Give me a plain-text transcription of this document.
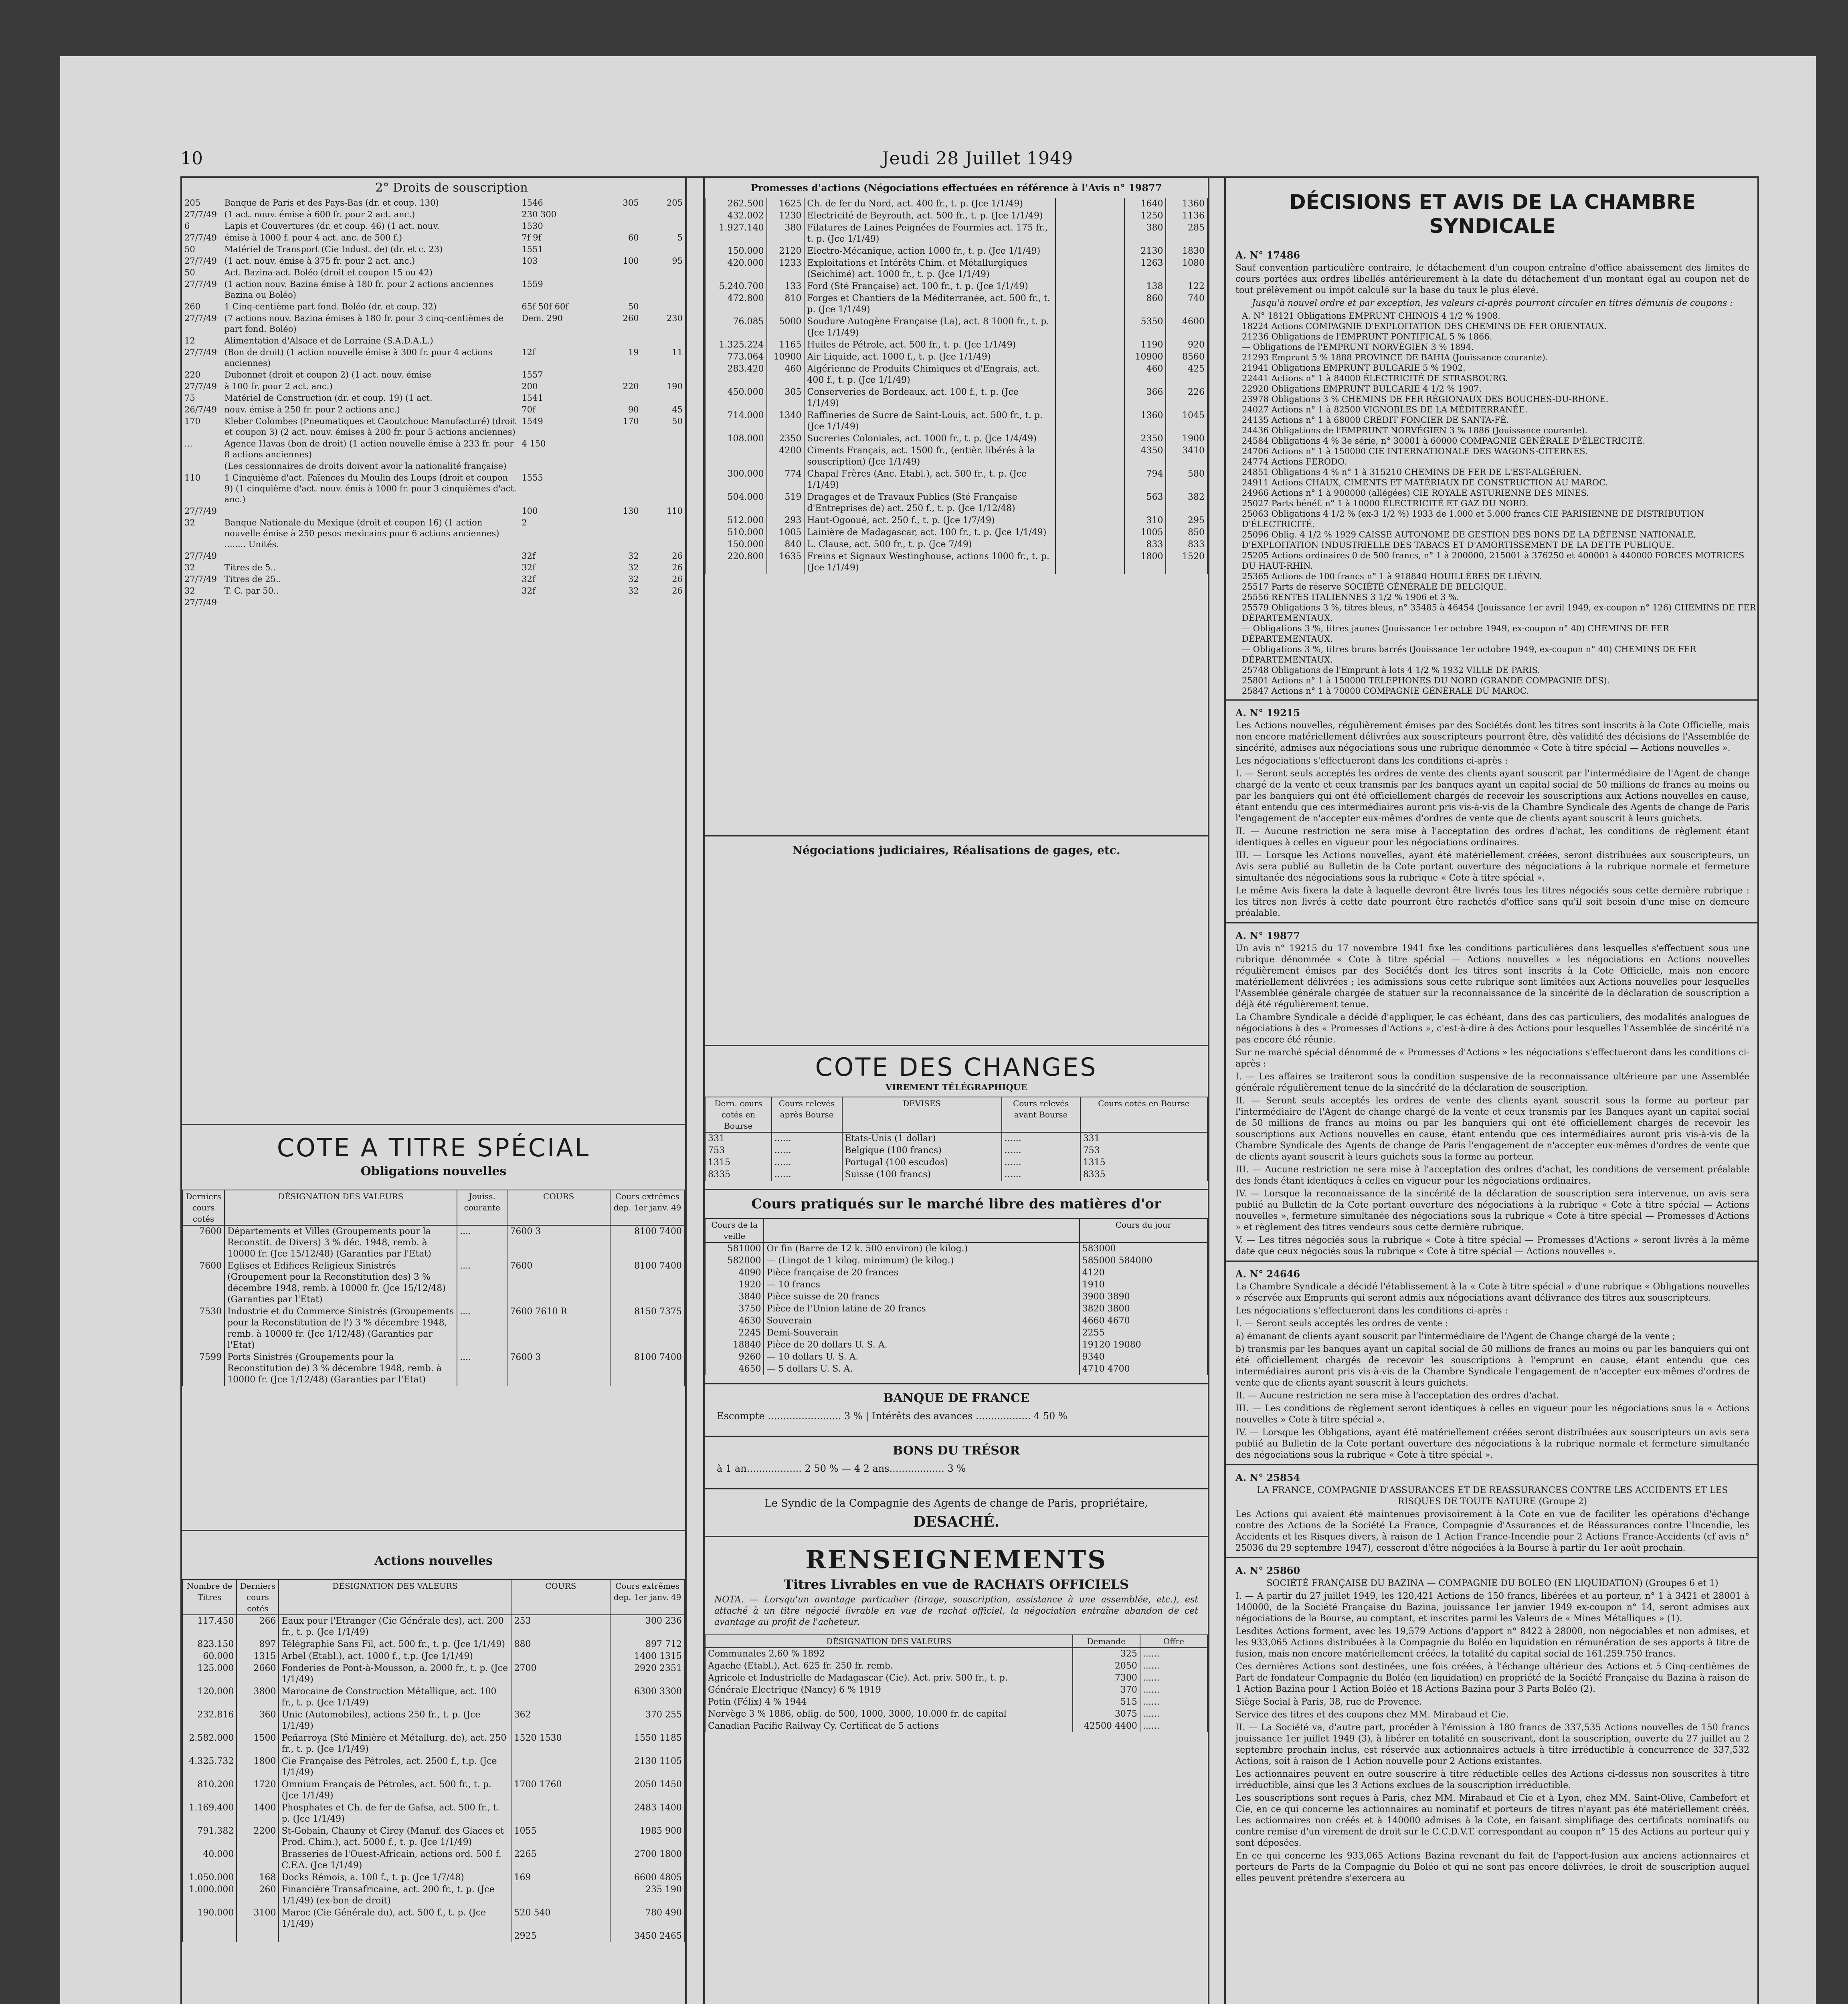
10	Jeudi 28 Juillet 1949
2° Droits de souscription
205	Banque de Paris et des Pays-Bas (dr. et coup. 130)	1546	305	205
27/7/49	(1 act. nouv. émise à 600 fr. pour 2 act. anc.)	230 300		
6	Lapis et Couvertures (dr. et coup. 46) (1 act. nouv.	1530		
27/7/49	émise à 1000 f. pour 4 act. anc. de 500 f.)	7f 9f	60	5
50	Matériel de Transport (Cie Indust. de) (dr. et c. 23)	1551		
27/7/49	(1 act. nouv. émise à 375 fr. pour 2 act. anc.)	103	100	95
50	Act. Bazina-act. Boléo (droit et coupon 15 ou 42)			
27/7/49	(1 action nouv. Bazina émise à 180 fr. pour 2 actions anciennes Bazina ou Boléo)	1559		
260	1 Cinq-centième part fond. Boléo (dr. et coup. 32)	65f 50f 60f	50	
27/7/49	(7 actions nouv. Bazina émises à 180 fr. pour 3 cinq-centièmes de part fond. Boléo)	Dem. 290	260	230
12	Alimentation d'Alsace et de Lorraine (S.A.D.A.L.)			
27/7/49	(Bon de droit) (1 action nouvelle émise à 300 fr. pour 4 actions anciennes)	12f	19	11
220	Dubonnet (droit et coupon 2) (1 act. nouv. émise	1557		
27/7/49	à 100 fr. pour 2 act. anc.)	200	220	190
75	Matériel de Construction (dr. et coup. 19) (1 act.	1541		
26/7/49	nouv. émise à 250 fr. pour 2 actions anc.)	70f	90	45
170	Kleber Colombes (Pneumatiques et Caoutchouc Manufacturé) (droit et coupon 3) (2 act. nouv. émises à 200 fr. pour 5 actions anciennes)	1549	170	50
...	Agence Havas (bon de droit) (1 action nouvelle émise à 233 fr. pour 8 actions anciennes)	4 150		
	(Les cessionnaires de droits doivent avoir la nationalité française)			
110	1 Cinquième d'act. Faïences du Moulin des Loups (droit et coupon 9) (1 cinquième d'act. nouv. émis à 1000 fr. pour 3 cinquièmes d'act. anc.)	1555		
27/7/49		100	130	110
32	Banque Nationale du Mexique (droit et coupon 16) (1 action nouvelle émise à 250 pesos mexicains pour 6 actions anciennes) ........ Unités.	2		
27/7/49		32f	32	26
32	Titres de 5..	32f	32	26
27/7/49	Titres de 25..	32f	32	26
32	T. C. par 50..	32f	32	26
27/7/49				
COTE A TITRE SPÉCIAL
Obligations nouvelles
Derniers cours cotés	DÉSIGNATION DES VALEURS	Jouiss. courante	COURS	Cours extrêmes dep. 1er janv. 49
7600	Départements et Villes (Groupements pour la Reconstit. de Divers) 3 % déc. 1948, remb. à 10000 fr. (Jce 15/12/48) (Garanties par l'Etat)	....	7600 3	8100 7400
7600	Eglises et Edifices Religieux Sinistrés (Groupement pour la Reconstitution des) 3 % décembre 1948, remb. à 10000 fr. (Jce 15/12/48) (Garanties par l'Etat)	....	7600	8100 7400
7530	Industrie et du Commerce Sinistrés (Groupements pour la Reconstitution de l') 3 % décembre 1948, remb. à 10000 fr. (Jce 1/12/48) (Garanties par l'Etat)	....	7600 7610 R	8150 7375
7599	Ports Sinistrés (Groupements pour la Reconstitution de) 3 % décembre 1948, remb. à 10000 fr. (Jce 1/12/48) (Garanties par l'Etat)	....	7600 3	8100 7400
Actions nouvelles
Nombre de Titres	Derniers cours cotés	DÉSIGNATION DES VALEURS	COURS	Cours extrêmes dep. 1er janv. 49
117.450	266	Eaux pour l'Etranger (Cie Générale des), act. 200 fr., t. p. (Jce 1/1/49)	253	300 236
823.150	897	Télégraphie Sans Fil, act. 500 fr., t. p. (Jce 1/1/49)	880	897 712
60.000	1315	Arbel (Etabl.), act. 1000 f., t.p. (Jce 1/1/49)		1400 1315
125.000	2660	Fonderies de Pont-à-Mousson, a. 2000 fr., t. p. (Jce 1/1/49)	2700	2920 2351
120.000	3800	Marocaine de Construction Métallique, act. 100 fr., t. p. (Jce 1/1/49)		6300 3300
232.816	360	Unic (Automobiles), actions 250 fr., t. p. (Jce 1/1/49)	362	370 255
2.582.000	1500	Peñarroya (Sté Minière et Métallurg. de), act. 250 fr., t. p. (Jce 1/1/49)	1520 1530	1550 1185
4.325.732	1800	Cie Française des Pétroles, act. 2500 f., t.p. (Jce 1/1/49)		2130 1105
810.200	1720	Omnium Français de Pétroles, act. 500 fr., t. p. (Jce 1/1/49)	1700 1760	2050 1450
1.169.400	1400	Phosphates et Ch. de fer de Gafsa, act. 500 fr., t. p. (Jce 1/1/49)		2483 1400
791.382	2200	St-Gobain, Chauny et Cirey (Manuf. des Glaces et Prod. Chim.), act. 5000 f., t. p. (Jce 1/1/49)	1055	1985 900
40.000		Brasseries de l'Ouest-Africain, actions ord. 500 f. C.F.A. (Jce 1/1/49)	2265	2700 1800
1.050.000	168	Docks Rémois, a. 100 f., t. p. (Jce 1/7/48)	169	6600 4805
1.000.000	260	Financière Transafricaine, act. 200 fr., t. p. (Jce 1/1/49) (ex-bon de droit)		235 190
190.000	3100	Maroc (Cie Générale du), act. 500 f., t. p. (Jce 1/1/49)	520 540	780 490
			2925	3450 2465
Promesses d'actions (Négociations effectuées en référence à l'Avis n° 19877
262.500	1625	Ch. de fer du Nord, act. 400 fr., t. p. (Jce 1/1/49)		1640	1360
432.002	1230	Electricité de Beyrouth, act. 500 fr., t. p. (Jce 1/1/49)		1250	1136
1.927.140	380	Filatures de Laines Peignées de Fourmies act. 175 fr., t. p. (Jce 1/1/49)		380	285
150.000	2120	Electro-Mécanique, action 1000 fr., t. p. (Jce 1/1/49)		2130	1830
420.000	1233	Exploitations et Intérêts Chim. et Métallurgiques (Seichimé) act. 1000 fr., t. p. (Jce 1/1/49)		1263	1080
5.240.700	133	Ford (Sté Française) act. 100 fr., t. p. (Jce 1/1/49)		138	122
472.800	810	Forges et Chantiers de la Méditerranée, act. 500 fr., t. p. (Jce 1/1/49)		860	740
76.085	5000	Soudure Autogène Française (La), act. 8 1000 fr., t. p. (Jce 1/1/49)		5350	4600
1.325.224	1165	Huiles de Pétrole, act. 500 fr., t. p. (Jce 1/1/49)		1190	920
773.064	10900	Air Liquide, act. 1000 f., t. p. (Jce 1/1/49)		10900	8560
283.420	460	Algérienne de Produits Chimiques et d'Engrais, act. 400 f., t. p. (Jce 1/1/49)		460	425
450.000	305	Conserveries de Bordeaux, act. 100 f., t. p. (Jce 1/1/49)		366	226
714.000	1340	Raffineries de Sucre de Saint-Louis, act. 500 fr., t. p. (Jce 1/1/49)		1360	1045
108.000	2350	Sucreries Coloniales, act. 1000 fr., t. p. (Jce 1/4/49)		2350	1900
	4200	Ciments Français, act. 1500 fr., (entièr. libérés à la souscription) (Jce 1/1/49)		4350	3410
300.000	774	Chapal Frères (Anc. Etabl.), act. 500 fr., t. p. (Jce 1/1/49)		794	580
504.000	519	Dragages et de Travaux Publics (Sté Française d'Entreprises de) act. 250 f., t. p. (Jce 1/12/48)		563	382
512.000	293	Haut-Ogooué, act. 250 f., t. p. (Jce 1/7/49)		310	295
510.000	1005	Lainière de Madagascar, act. 100 fr., t. p. (Jce 1/1/49)		1005	850
150.000	840	L. Clause, act. 500 fr., t. p. (Jce 7/49)		833	833
220.800	1635	Freins et Signaux Westinghouse, actions 1000 fr., t. p. (Jce 1/1/49)		1800	1520
Négociations judiciaires, Réalisations de gages, etc.
COTE DES CHANGES
VIREMENT TÉLÉGRAPHIQUE
Dern. cours cotés en Bourse	Cours relevés après Bourse	DEVISES	Cours relevés avant Bourse	Cours cotés en Bourse
331	......	Etats-Unis (1 dollar)	......	331
753	......	Belgique (100 francs)	......	753
1315	......	Portugal (100 escudos)	......	1315
8335	......	Suisse (100 francs)	......	8335
Cours pratiqués sur le marché libre des matières d'or
Cours de la veille		Cours du jour
581000	Or fin (Barre de 12 k. 500 environ) (le kilog.)	583000
582000	— (Lingot de 1 kilog. minimum) (le kilog.)	585000 584000
4090	Pièce française de 20 frances	4120
1920	— 10 francs	1910
3840	Pièce suisse de 20 francs	3900 3890
3750	Pièce de l'Union latine de 20 francs	3820 3800
4630	Souverain	4660 4670
2245	Demi-Souverain	2255
18840	Pièce de 20 dollars U. S. A.	19120 19080
9260	— 10 dollars U. S. A.	9340
4650	— 5 dollars U. S. A.	4710 4700
BANQUE DE FRANCE
Escompte ........................ 3 % | Intérêts des avances .................. 4 50 %
BONS DU TRÉSOR
à 1 an.................. 2 50 % — 4 2 ans.................. 3 %
Le Syndic de la Compagnie des Agents de change de Paris, propriétaire,
DESACHÉ.
RENSEIGNEMENTS
Titres Livrables en vue de RACHATS OFFICIELS
NOTA. — Lorsqu'un avantage particulier (tirage, souscription, assistance à une assemblée, etc.), est attaché à un titre négocié livrable en vue de rachat officiel, la négociation entraîne abandon de cet avantage au profit de l'acheteur.
DÉSIGNATION DES VALEURS	Demande	Offre
Communales 2,60 % 1892	325	......
Agache (Etabl.), Act. 625 fr. 250 fr. remb.	2050	......
Agricole et Industrielle de Madagascar (Cie). Act. priv. 500 fr., t. p.	7300	......
Générale Electrique (Nancy) 6 % 1919	370	......
Potin (Félix) 4 % 1944	515	......
Norvège 3 % 1886, oblig. de 500, 1000, 3000, 10.000 fr. de capital	3075	......
Canadian Pacific Railway Cy. Certificat de 5 actions	42500 4400	......
DÉCISIONS ET AVIS DE LA CHAMBRE SYNDICALE
A. N° 17486
Sauf convention particulière contraire, le détachement d'un coupon entraîne d'office abaissement des limites de cours portées aux ordres libellés antérieurement à la date du détachement d'un montant égal au coupon net de tout prélèvement ou impôt calculé sur la base du taux le plus élevé.
Jusqu'à nouvel ordre et par exception, les valeurs ci-après pourront circuler en titres démunis de coupons :
A. N° 18121 Obligations EMPRUNT CHINOIS 4 1/2 % 1908.
18224 Actions COMPAGNIE D'EXPLOITATION DES CHEMINS DE FER ORIENTAUX.
21236 Obligations de l'EMPRUNT PONTIFICAL 5 % 1866.
— Obligations de l'EMPRUNT NORVÉGIEN 3 % 1894.
21293 Emprunt 5 % 1888 PROVINCE DE BAHIA (Jouissance courante).
21941 Obligations EMPRUNT BULGARIE 5 % 1902.
22441 Actions n° 1 à 84000 ÉLECTRICITÉ DE STRASBOURG.
22920 Obligations EMPRUNT BULGARIE 4 1/2 % 1907.
23978 Obligations 3 % CHEMINS DE FER RÉGIONAUX DES BOUCHES-DU-RHONE.
24027 Actions n° 1 à 82500 VIGNOBLES DE LA MÉDITERRANÉE.
24135 Actions n° 1 à 68000 CRÉDIT FONCIER DE SANTA-FÉ.
24436 Obligations de l'EMPRUNT NORVÉGIEN 3 % 1886 (Jouissance courante).
24584 Obligations 4 % 3e série, n° 30001 à 60000 COMPAGNIE GÉNÉRALE D'ÉLECTRICITÉ.
24706 Actions n° 1 à 150000 CIE INTERNATIONALE DES WAGONS-CITERNES.
24774 Actions FERODO.
24851 Obligations 4 % n° 1 à 315210 CHEMINS DE FER DE L'EST-ALGÉRIEN.
24911 Actions CHAUX, CIMENTS ET MATÉRIAUX DE CONSTRUCTION AU MAROC.
24966 Actions n° 1 à 900000 (allégées) CIE ROYALE ASTURIENNE DES MINES.
25027 Parts bénéf. n° 1 à 10000 ÉLECTRICITÉ ET GAZ DU NORD.
25063 Obligations 4 1/2 % (ex-3 1/2 %) 1933 de 1.000 et 5.000 francs CIE PARISIENNE DE DISTRIBUTION D'ÉLECTRICITÉ.
25096 Oblig. 4 1/2 % 1929 CAISSE AUTONOME DE GESTION DES BONS DE LA DÉFENSE NATIONALE, D'EXPLOITATION INDUSTRIELLE DES TABACS ET D'AMORTISSEMENT DE LA DETTE PUBLIQUE.
25205 Actions ordinaires 0 de 500 francs, n° 1 à 200000, 215001 à 376250 et 400001 à 440000 FORCES MOTRICES DU HAUT-RHIN.
25365 Actions de 100 francs n° 1 à 918840 HOUILLÈRES DE LIÉVIN.
25517 Parts de réserve SOCIÉTÉ GÉNÉRALE DE BELGIQUE.
25556 RENTES ITALIENNES 3 1/2 % 1906 et 3 %.
25579 Obligations 3 %, titres bleus, n° 35485 à 46454 (Jouissance 1er avril 1949, ex-coupon n° 126) CHEMINS DE FER DÉPARTEMENTAUX.
— Obligations 3 %, titres jaunes (Jouissance 1er octobre 1949, ex-coupon n° 40) CHEMINS DE FER DÉPARTEMENTAUX.
— Obligations 3 %, titres bruns barrés (Jouissance 1er octobre 1949, ex-coupon n° 40) CHEMINS DE FER DÉPARTEMENTAUX.
25748 Obligations de l'Emprunt à lots 4 1/2 % 1932 VILLE DE PARIS.
25801 Actions n° 1 à 150000 TELEPHONES DU NORD (GRANDE COMPAGNIE DES).
25847 Actions n° 1 à 70000 COMPAGNIE GÉNÉRALE DU MAROC.
A. N° 19215

Les Actions nouvelles, régulièrement émises par des Sociétés dont les titres sont inscrits à la Cote Officielle, mais non encore matériellement délivrées aux souscripteurs pourront être, dès validité des décisions de l'Assemblée de sincérité, admises aux négociations sous une rubrique dénommée « Cote à titre spécial — Actions nouvelles ».

Les négociations s'effectueront dans les conditions ci-après :

I. — Seront seuls acceptés les ordres de vente des clients ayant souscrit par l'intermédiaire de l'Agent de change chargé de la vente et ceux transmis par les banques ayant un capital social de 50 millions de francs au moins ou par les banquiers qui ont été officiellement chargés de recevoir les souscriptions aux Actions nouvelles en cause, étant entendu que ces intermédiaires auront pris vis-à-vis de la Chambre Syndicale des Agents de change de Paris l'engagement de n'accepter eux-mêmes d'ordres de vente que de clients ayant souscrit à leurs guichets.

II. — Aucune restriction ne sera mise à l'acceptation des ordres d'achat, les conditions de règlement étant identiques à celles en vigueur pour les négociations ordinaires.

III. — Lorsque les Actions nouvelles, ayant été matériellement créées, seront distribuées aux souscripteurs, un Avis sera publié au Bulletin de la Cote portant ouverture des négociations à la rubrique normale et fermeture simultanée des négociations sous la rubrique « Cote à titre spécial ».

Le même Avis fixera la date à laquelle devront être livrés tous les titres négociés sous cette dernière rubrique : les titres non livrés à cette date pourront être rachetés d'office sans qu'il soit besoin d'une mise en demeure préalable.

A. N° 19877

Un avis n° 19215 du 17 novembre 1941 fixe les conditions particulières dans lesquelles s'effectuent sous une rubrique dénommée « Cote à titre spécial — Actions nouvelles » les négociations en Actions nouvelles régulièrement émises par des Sociétés dont les titres sont inscrits à la Cote Officielle, mais non encore matériellement délivrées ; les admissions sous cette rubrique sont limitées aux Actions nouvelles pour lesquelles l'Assemblée générale chargée de statuer sur la reconnaissance de la sincérité de la déclaration de souscription a déjà été régulièrement tenue.

La Chambre Syndicale a décidé d'appliquer, le cas échéant, dans des cas particuliers, des modalités analogues de négociations à des « Promesses d'Actions », c'est-à-dire à des Actions pour lesquelles l'Assemblée de sincérité n'a pas encore été réunie.

Sur ne marché spécial dénommé de « Promesses d'Actions » les négociations s'effectueront dans les conditions ci-après :

I. — Les affaires se traiteront sous la condition suspensive de la reconnaissance ultérieure par une Assemblée générale régulièrement tenue de la sincérité de la déclaration de souscription.

II. — Seront seuls acceptés les ordres de vente des clients ayant souscrit sous la forme au porteur par l'intermédiaire de l'Agent de change chargé de la vente et ceux transmis par les Banques ayant un capital social de 50 millions de francs au moins ou par les banquiers qui ont été officiellement chargés de recevoir les souscriptions aux Actions nouvelles en cause, étant entendu que ces intermédiaires auront pris vis-à-vis de la Chambre Syndicale des Agents de change de Paris l'engagement de n'accepter eux-mêmes d'ordres de vente que de clients ayant souscrit à leurs guichets sous la forme au porteur.

III. — Aucune restriction ne sera mise à l'acceptation des ordres d'achat, les conditions de versement préalable des fonds étant identiques à celles en vigueur pour les négociations ordinaires.

IV. — Lorsque la reconnaissance de la sincérité de la déclaration de souscription sera intervenue, un avis sera publié au Bulletin de la Cote portant ouverture des négociations à la rubrique « Cote à titre spécial — Actions nouvelles », fermeture simultanée des négociations sous la rubrique « Cote à titre spécial — Promesses d'Actions » et règlement des titres vendeurs sous cette dernière rubrique.

V. — Les titres négociés sous la rubrique « Cote à titre spécial — Promesses d'Actions » seront livrés à la même date que ceux négociés sous la rubrique « Cote à titre spécial — Actions nouvelles ».

A. N° 24646

La Chambre Syndicale a décidé l'établissement à la « Cote à titre spécial » d'une rubrique « Obligations nouvelles » réservée aux Emprunts qui seront admis aux négociations avant délivrance des titres aux souscripteurs.

Les négociations s'effectueront dans les conditions ci-après :

I. — Seront seuls acceptés les ordres de vente :

a) émanant de clients ayant souscrit par l'intermédiaire de l'Agent de Change chargé de la vente ;

b) transmis par les banques ayant un capital social de 50 millions de francs au moins ou par les banquiers qui ont été officiellement chargés de recevoir les souscriptions à l'emprunt en cause, étant entendu que ces intermédiaires auront pris vis-à-vis de la Chambre Syndicale l'engagement de n'accepter eux-mêmes d'ordres de vente que de clients ayant souscrit à leurs guichets.

II. — Aucune restriction ne sera mise à l'acceptation des ordres d'achat.

III. — Les conditions de règlement seront identiques à celles en vigueur pour les négociations sous la « Actions nouvelles » Cote à titre spécial ».

IV. — Lorsque les Obligations, ayant été matériellement créées seront distribuées aux souscripteurs un avis sera publié au Bulletin de la Cote portant ouverture des négociations à la rubrique normale et fermeture simultanée des négociations sous la rubrique « Cote à titre spécial ».

A. N° 25854
LA FRANCE, COMPAGNIE D'ASSURANCES ET DE REASSURANCES CONTRE LES ACCIDENTS ET LES RISQUES DE TOUTE NATURE (Groupe 2)

Les Actions qui avaient été maintenues provisoirement à la Cote en vue de faciliter les opérations d'échange contre des Actions de la Société La France, Compagnie d'Assurances et de Réassurances contre l'Incendie, les Accidents et les Risques divers, à raison de 1 Action France-Incendie pour 2 Actions France-Accidents (cf avis n° 25036 du 29 septembre 1947), cesseront d'être négociées à la Bourse à partir du 1er août prochain.

A. N° 25860
SOCIÉTÉ FRANÇAISE DU BAZINA — COMPAGNIE DU BOLEO (EN LIQUIDATION) (Groupes 6 et 1)

I. — A partir du 27 juillet 1949, les 120,421 Actions de 150 francs, libérées et au porteur, n° 1 à 3421 et 28001 à 140000, de la Société Française du Bazina, jouissance 1er janvier 1949 ex-coupon n° 14, seront admises aux négociations de la Bourse, au comptant, et inscrites parmi les Valeurs de « Mines Métalliques » (1).

Lesdites Actions forment, avec les 19,579 Actions d'apport n° 8422 à 28000, non négociables et non admises, et les 933,065 Actions distribuées à la Compagnie du Boléo en liquidation en rémunération de ses apports à titre de fusion, mais non encore matériellement créées, la totalité du capital social de 161.259.750 francs.

Ces dernières Actions sont destinées, une fois créées, à l'échange ultérieur des Actions et 5 Cinq-centièmes de Part de fondateur Compagnie du Boléo (en liquidation) en propriété de la Société Française du Bazina à raison de 1 Action Bazina pour 1 Action Boléo et 18 Actions Bazina pour 3 Parts Boléo (2).

Siège Social à Paris, 38, rue de Provence.

Service des titres et des coupons chez MM. Mirabaud et Cie.

II. — La Société va, d'autre part, procéder à l'émission à 180 francs de 337,535 Actions nouvelles de 150 francs jouissance 1er juillet 1949 (3), à libérer en totalité en souscrivant, dont la souscription, ouverte du 27 juillet au 2 septembre prochain inclus, est réservée aux actionnaires actuels à titre irréductible à concurrence de 337,532 Actions, soit à raison de 1 Action nouvelle pour 2 Actions existantes.

Les actionnaires peuvent en outre souscrire à titre réductible celles des Actions ci-dessus non souscrites à titre irréductible, ainsi que les 3 Actions exclues de la souscription irréductible.

Les souscriptions sont reçues à Paris, chez MM. Mirabaud et Cie et à Lyon, chez MM. Saint-Olive, Cambefort et Cie, en ce qui concerne les actionnaires au nominatif et porteurs de titres n'ayant pas été matériellement créés. Les actionnaires non créés et à 140000 admises à la Cote, en faisant simplifiage des certificats nominatifs ou contre remise d'un virement de droit sur le C.C.D.V.T. correspondant au coupon n° 15 des Actions au porteur qui y sont déposées.

En ce qui concerne les 933,065 Actions Bazina revenant du fait de l'apport-fusion aux anciens actionnaires et porteurs de Parts de la Compagnie du Boléo et qui ne sont pas encore délivrées, le droit de souscription auquel elles peuvent prétendre s'exercera au
